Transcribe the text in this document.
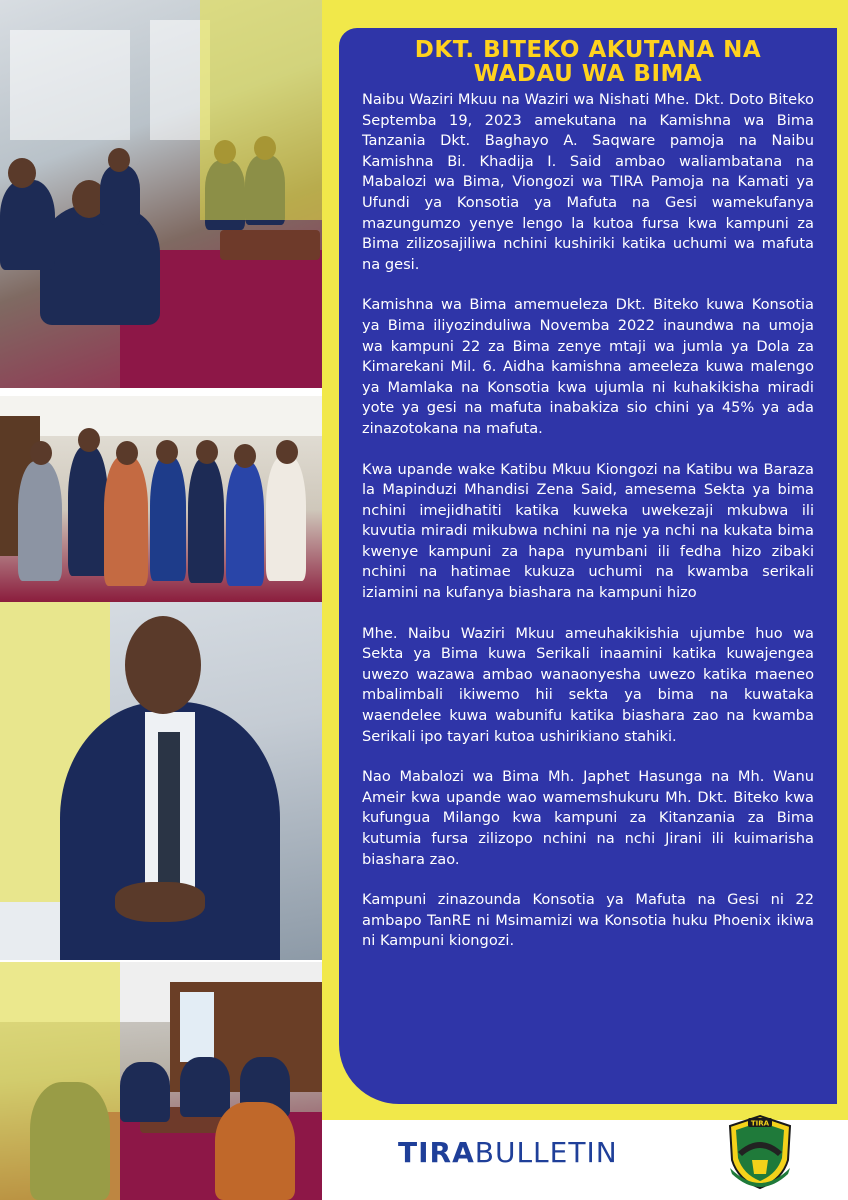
DKT. BITEKO AKUTANA NA
WADAU WA BIMA

Naibu Waziri Mkuu na Waziri wa Nishati Mhe. Dkt. Doto Biteko Septemba 19, 2023 amekutana na Kamishna wa Bima Tanzania Dkt. Baghayo A. Saqware pamoja na Naibu Kamishna Bi. Khadija I. Said ambao waliambatana na Mabalozi wa Bima, Viongozi wa TIRA Pamoja na Kamati ya Ufundi ya Konsotia ya Mafuta na Gesi wamekufanya mazungumzo yenye lengo la kutoa fursa kwa kampuni za Bima zilizosajiliwa nchini kushiriki katika uchumi wa mafuta na gesi.

Kamishna wa Bima amemueleza Dkt. Biteko kuwa Konsotia ya Bima iliyozinduliwa Novemba 2022 inaundwa na umoja wa kampuni 22 za Bima zenye mtaji wa jumla ya Dola za Kimarekani Mil. 6. Aidha kamishna ameeleza kuwa malengo ya Mamlaka na Konsotia kwa ujumla ni kuhakikisha miradi yote ya gesi na mafuta inabakiza sio chini ya 45% ya ada zinazotokana na mafuta.

Kwa upande wake Katibu Mkuu Kiongozi na Katibu wa Baraza la Mapinduzi Mhandisi Zena Said, amesema Sekta ya bima nchini imejidhatiti katika kuweka uwekezaji mkubwa ili kuvutia miradi mikubwa nchini na nje ya nchi na kukata bima kwenye kampuni za hapa nyumbani ili fedha hizo zibaki nchini na hatimae kukuza uchumi na kwamba serikali iziamini na kufanya biashara na kampuni hizo

Mhe. Naibu Waziri Mkuu ameuhakikishia ujumbe huo wa Sekta ya Bima kuwa Serikali inaamini katika kuwajengea uwezo wazawa ambao wanaonyesha uwezo katika maeneo mbalimbali ikiwemo hii sekta ya bima na kuwataka waendelee kuwa wabunifu katika biashara zao na kwamba Serikali ipo tayari kutoa ushirikiano stahiki.

Nao Mabalozi wa Bima Mh. Japhet Hasunga na Mh. Wanu Ameir kwa upande wao wamemshukuru Mh. Dkt. Biteko kwa kufungua Milango kwa kampuni za Kitanzania za Bima kutumia fursa zilizopo nchini na nchi Jirani ili kuimarisha biashara zao.

Kampuni zinazounda Konsotia ya Mafuta na Gesi ni 22 ambapo TanRE ni Msimamizi wa Konsotia huku Phoenix ikiwa ni Kampuni kiongozi.

TIRABULLETIN
TIRA
